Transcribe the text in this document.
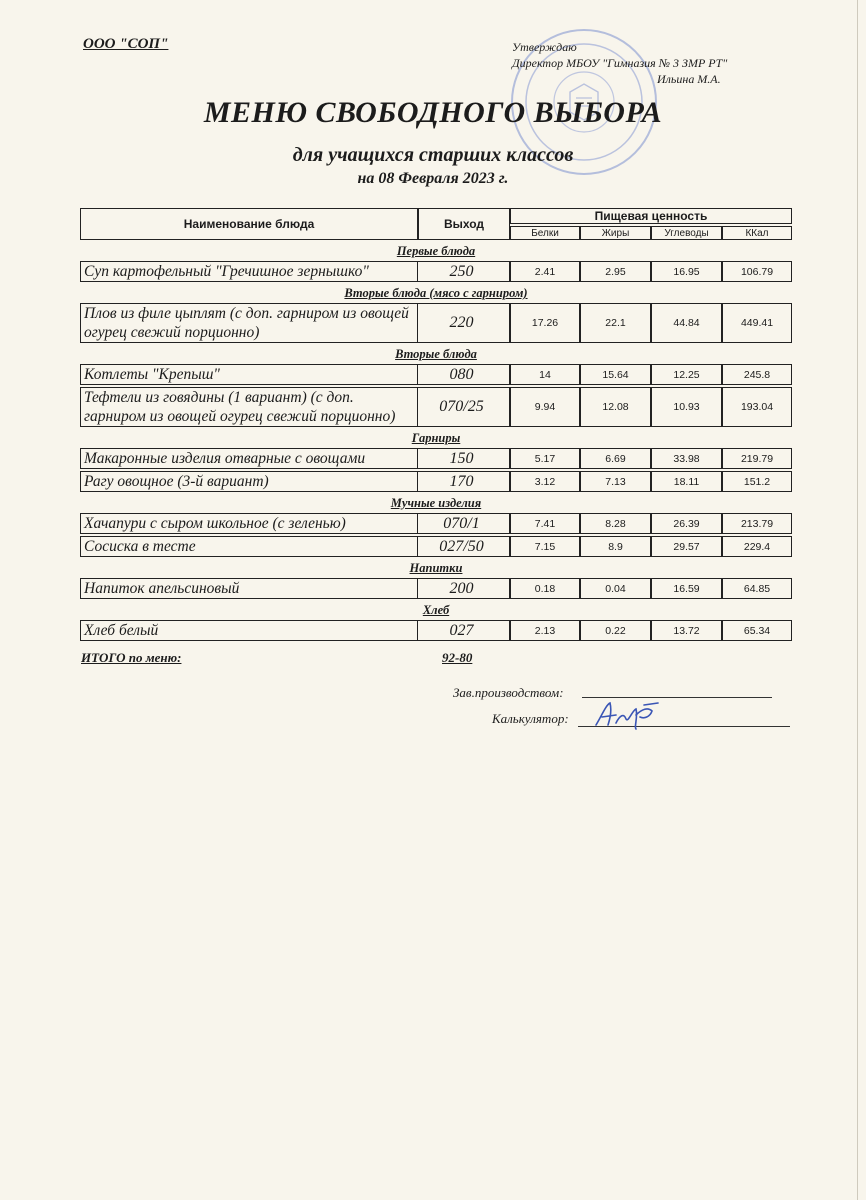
ООО "СОП"	Утверждаю
Директор МБОУ "Гимназия № 3 ЗМР РТ"
Ильина М.А.
МЕНЮ СВОБОДНОГО ВЫБОРА
для учащихся старших классов
на 08 Февраля 2023 г.
Наименование блюда	Выход	Пищевая ценность			
		Белки	Жиры	Углеводы	ККал
Первые блюда					
Суп картофельный "Гречишное зернышко"	250	2.41	2.95	16.95	106.79
Вторые блюда (мясо с гарниром)					
Плов из филе цыплят (с доп. гарниром из овощей огурец свежий порционно)	220	17.26	22.1	44.84	449.41
Вторые блюда					
Котлеты "Крепыш"	080	14	15.64	12.25	245.8
Тефтели из говядины (1 вариант) (с доп. гарниром из овощей огурец свежий порционно)	070/25	9.94	12.08	10.93	193.04
Гарниры					
Макаронные изделия отварные с овощами	150	5.17	6.69	33.98	219.79
Рагу овощное (3-й вариант)	170	3.12	7.13	18.11	151.2
Мучные изделия					
Хачапури с сыром школьное (с зеленью)	070/1	7.41	8.28	26.39	213.79
Сосиска в тесте	027/50	7.15	8.9	29.57	229.4
Напитки					
Напиток апельсиновый	200	0.18	0.04	16.59	64.85
Хлеб					
Хлеб белый	027	2.13	0.22	13.72	65.34
ИТОГО по меню:	92-80
Зав.производством:
Калькулятор:
